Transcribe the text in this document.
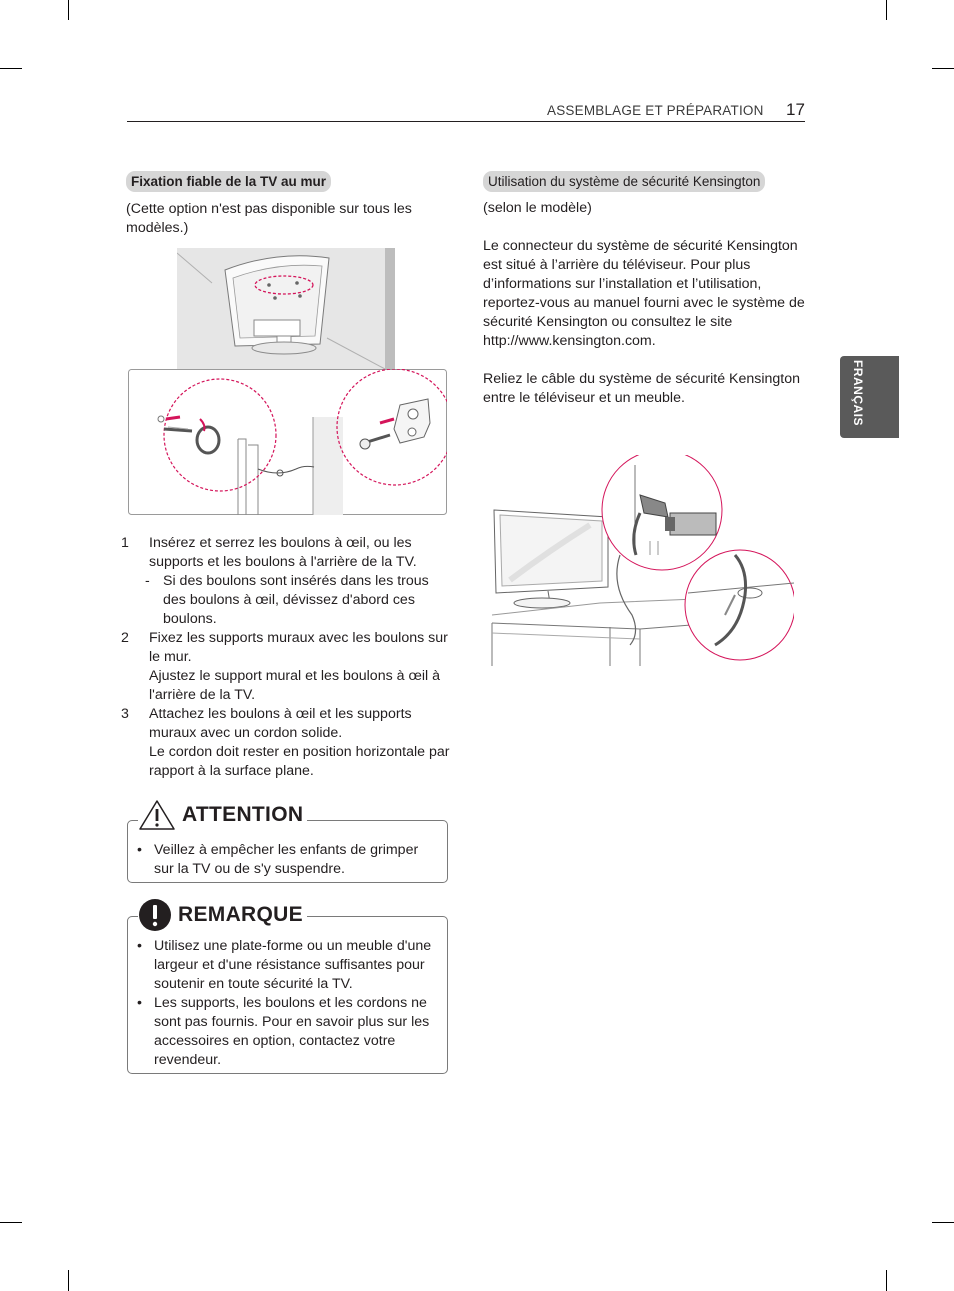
ASSEMBLAGE ET PRÉPARATION 17
FRANÇAIS
Fixation fiable de la TV au mur
(Cette option n'est pas disponible sur tous les modèles.)
1 Insérez et serrez les boulons à œil, ou les supports et les boulons à l'arrière de la TV.
- Si des boulons sont insérés dans les trous des boulons à œil, dévissez d'abord ces boulons.
2 Fixez les supports muraux avec les boulons sur le mur.
Ajustez le support mural et les boulons à œil à l'arrière de la TV.
3 Attachez les boulons à œil et les supports muraux avec un cordon solide.
Le cordon doit rester en position horizontale par rapport à la surface plane.
• Veillez à empêcher les enfants de grimper sur la TV ou de s'y suspendre.
ATTENTION
• Utilisez une plate-forme ou un meuble d'une largeur et d'une résistance suffisantes pour soutenir en toute sécurité la TV.
• Les supports, les boulons et les cordons ne sont pas fournis. Pour en savoir plus sur les accessoires en option, contactez votre revendeur.
REMARQUE
Utilisation du système de sécurité Kensington

(selon le modèle)

Le connecteur du système de sécurité Kensington est situé à l’arrière du téléviseur. Pour plus d’informations sur l’installation et l’utilisation, reportez-vous au manuel fourni avec le système de sécurité Kensington ou consultez le site http://www.kensington.com.

Reliez le câble du système de sécurité Kensington entre le téléviseur et un meuble.
